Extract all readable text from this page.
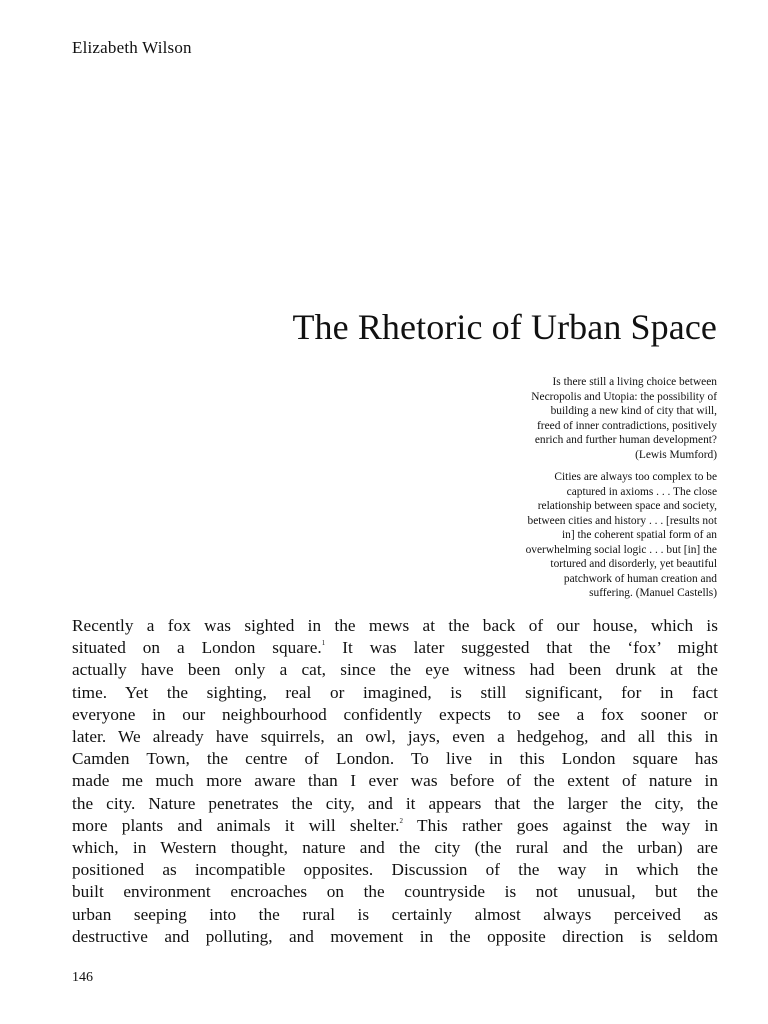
Elizabeth Wilson
The Rhetoric of Urban Space
Is there still a living choice between
Necropolis and Utopia: the possibility of
building a new kind of city that will,
freed of inner contradictions, positively
enrich and further human development?
(Lewis Mumford)
Cities are always too complex to be
captured in axioms . . . The close
relationship between space and society,
between cities and history . . . [results not
in] the coherent spatial form of an
overwhelming social logic . . . but [in] the
tortured and disorderly, yet beautiful
patchwork of human creation and
suffering. (Manuel Castells)
Recently a fox was sighted in the mews at the back of our house, which is
situated on a London square.$^1$ It was later suggested that the ‘fox’ might
actually have been only a cat, since the eye witness had been drunk at the
time. Yet the sighting, real or imagined, is still significant, for in fact
everyone in our neighbourhood confidently expects to see a fox sooner or
later. We already have squirrels, an owl, jays, even a hedgehog, and all this in
Camden Town, the centre of London. To live in this London square has
made me much more aware than I ever was before of the extent of nature in
the city. Nature penetrates the city, and it appears that the larger the city, the
more plants and animals it will shelter.$^2$ This rather goes against the way in
which, in Western thought, nature and the city (the rural and the urban) are
positioned as incompatible opposites. Discussion of the way in which the
built environment encroaches on the countryside is not unusual, but the
urban seeping into the rural is certainly almost always perceived as
destructive and polluting, and movement in the opposite direction is seldom
146
